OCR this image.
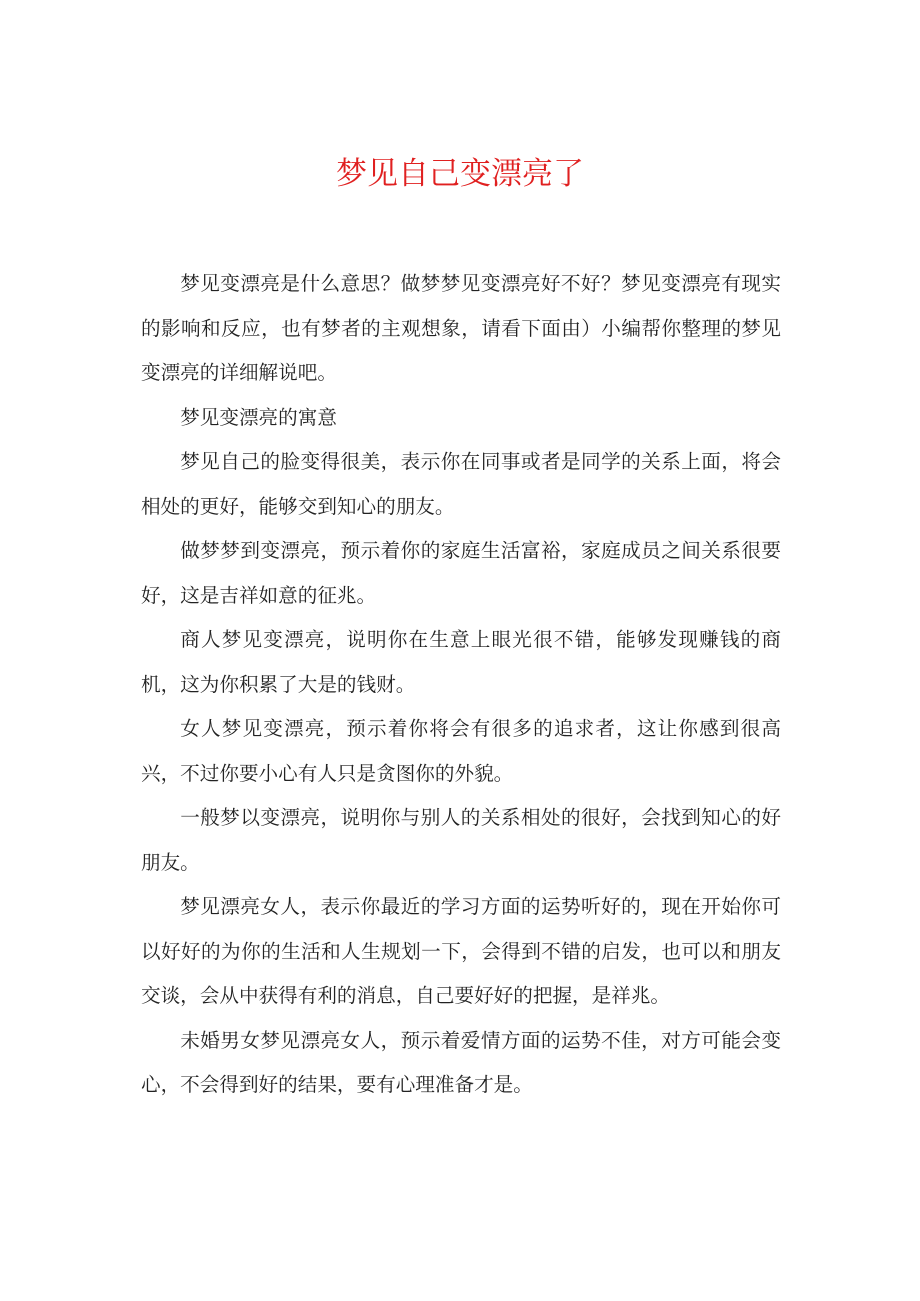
梦见自己变漂亮了

梦见变漂亮是什么意思？做梦梦见变漂亮好不好？梦见变漂亮有现实的影响和反应，也有梦者的主观想象，请看下面由）小编帮你整理的梦见变漂亮的详细解说吧。

梦见变漂亮的寓意

梦见自己的脸变得很美，表示你在同事或者是同学的关系上面，将会相处的更好，能够交到知心的朋友。

做梦梦到变漂亮，预示着你的家庭生活富裕，家庭成员之间关系很要好，这是吉祥如意的征兆。

商人梦见变漂亮，说明你在生意上眼光很不错，能够发现赚钱的商机，这为你积累了大是的钱财。

女人梦见变漂亮，预示着你将会有很多的追求者，这让你感到很高兴，不过你要小心有人只是贪图你的外貌。

一般梦以变漂亮，说明你与别人的关系相处的很好，会找到知心的好朋友。

梦见漂亮女人，表示你最近的学习方面的运势听好的，现在开始你可以好好的为你的生活和人生规划一下，会得到不错的启发，也可以和朋友交谈，会从中获得有利的消息，自己要好好的把握，是祥兆。

未婚男女梦见漂亮女人，预示着爱情方面的运势不佳，对方可能会变心，不会得到好的结果，要有心理准备才是。
